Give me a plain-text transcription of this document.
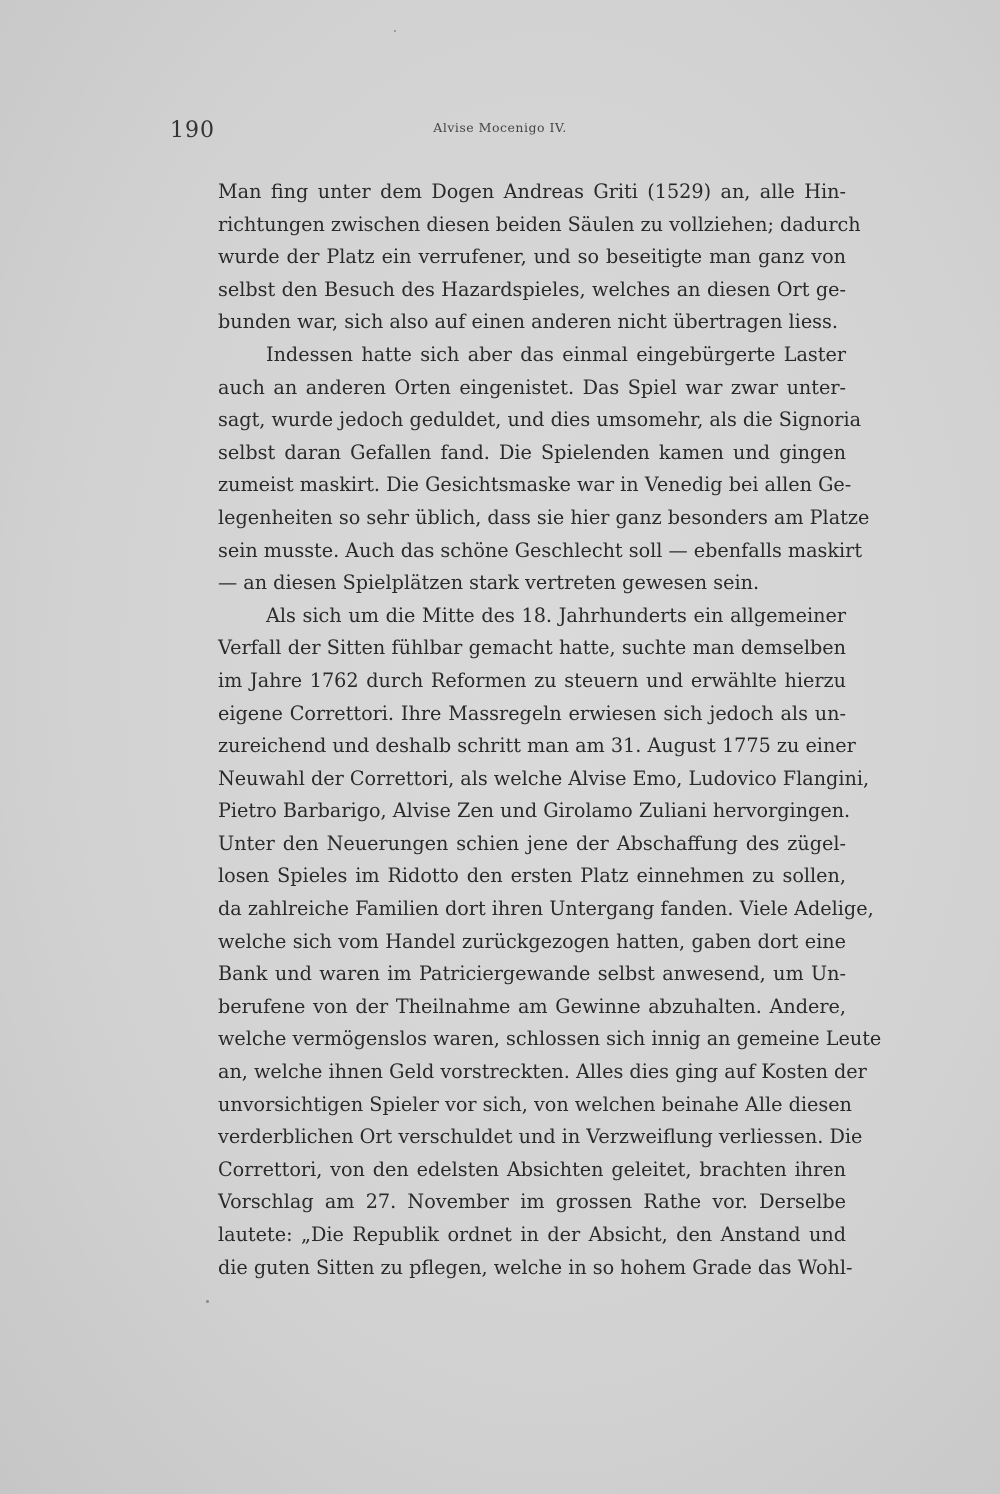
190	Alvise Mocenigo IV.
Man fing unter dem Dogen Andreas Griti (1529) an, alle Hin-
richtungen zwischen diesen beiden Säulen zu vollziehen; dadurch
wurde der Platz ein verrufener, und so beseitigte man ganz von
selbst den Besuch des Hazardspieles, welches an diesen Ort ge-
bunden war, sich also auf einen anderen nicht übertragen liess.
Indessen hatte sich aber das einmal eingebürgerte Laster
auch an anderen Orten eingenistet. Das Spiel war zwar unter-
sagt, wurde jedoch geduldet, und dies umsomehr, als die Signoria
selbst daran Gefallen fand. Die Spielenden kamen und gingen
zumeist maskirt. Die Gesichtsmaske war in Venedig bei allen Ge-
legenheiten so sehr üblich, dass sie hier ganz besonders am Platze
sein musste. Auch das schöne Geschlecht soll — ebenfalls maskirt
— an diesen Spielplätzen stark vertreten gewesen sein.
Als sich um die Mitte des 18. Jahrhunderts ein allgemeiner
Verfall der Sitten fühlbar gemacht hatte, suchte man demselben
im Jahre 1762 durch Reformen zu steuern und erwählte hierzu
eigene Correttori. Ihre Massregeln erwiesen sich jedoch als un-
zureichend und deshalb schritt man am 31. August 1775 zu einer
Neuwahl der Correttori, als welche Alvise Emo, Ludovico Flangini,
Pietro Barbarigo, Alvise Zen und Girolamo Zuliani hervorgingen.
Unter den Neuerungen schien jene der Abschaffung des zügel-
losen Spieles im Ridotto den ersten Platz einnehmen zu sollen,
da zahlreiche Familien dort ihren Untergang fanden. Viele Adelige,
welche sich vom Handel zurückgezogen hatten, gaben dort eine
Bank und waren im Patriciergewande selbst anwesend, um Un-
berufene von der Theilnahme am Gewinne abzuhalten. Andere,
welche vermögenslos waren, schlossen sich innig an gemeine Leute
an, welche ihnen Geld vorstreckten. Alles dies ging auf Kosten der
unvorsichtigen Spieler vor sich, von welchen beinahe Alle diesen
verderblichen Ort verschuldet und in Verzweiflung verliessen. Die
Correttori, von den edelsten Absichten geleitet, brachten ihren
Vorschlag am 27. November im grossen Rathe vor. Derselbe
lautete: „Die Republik ordnet in der Absicht, den Anstand und
die guten Sitten zu pflegen, welche in so hohem Grade das Wohl-
